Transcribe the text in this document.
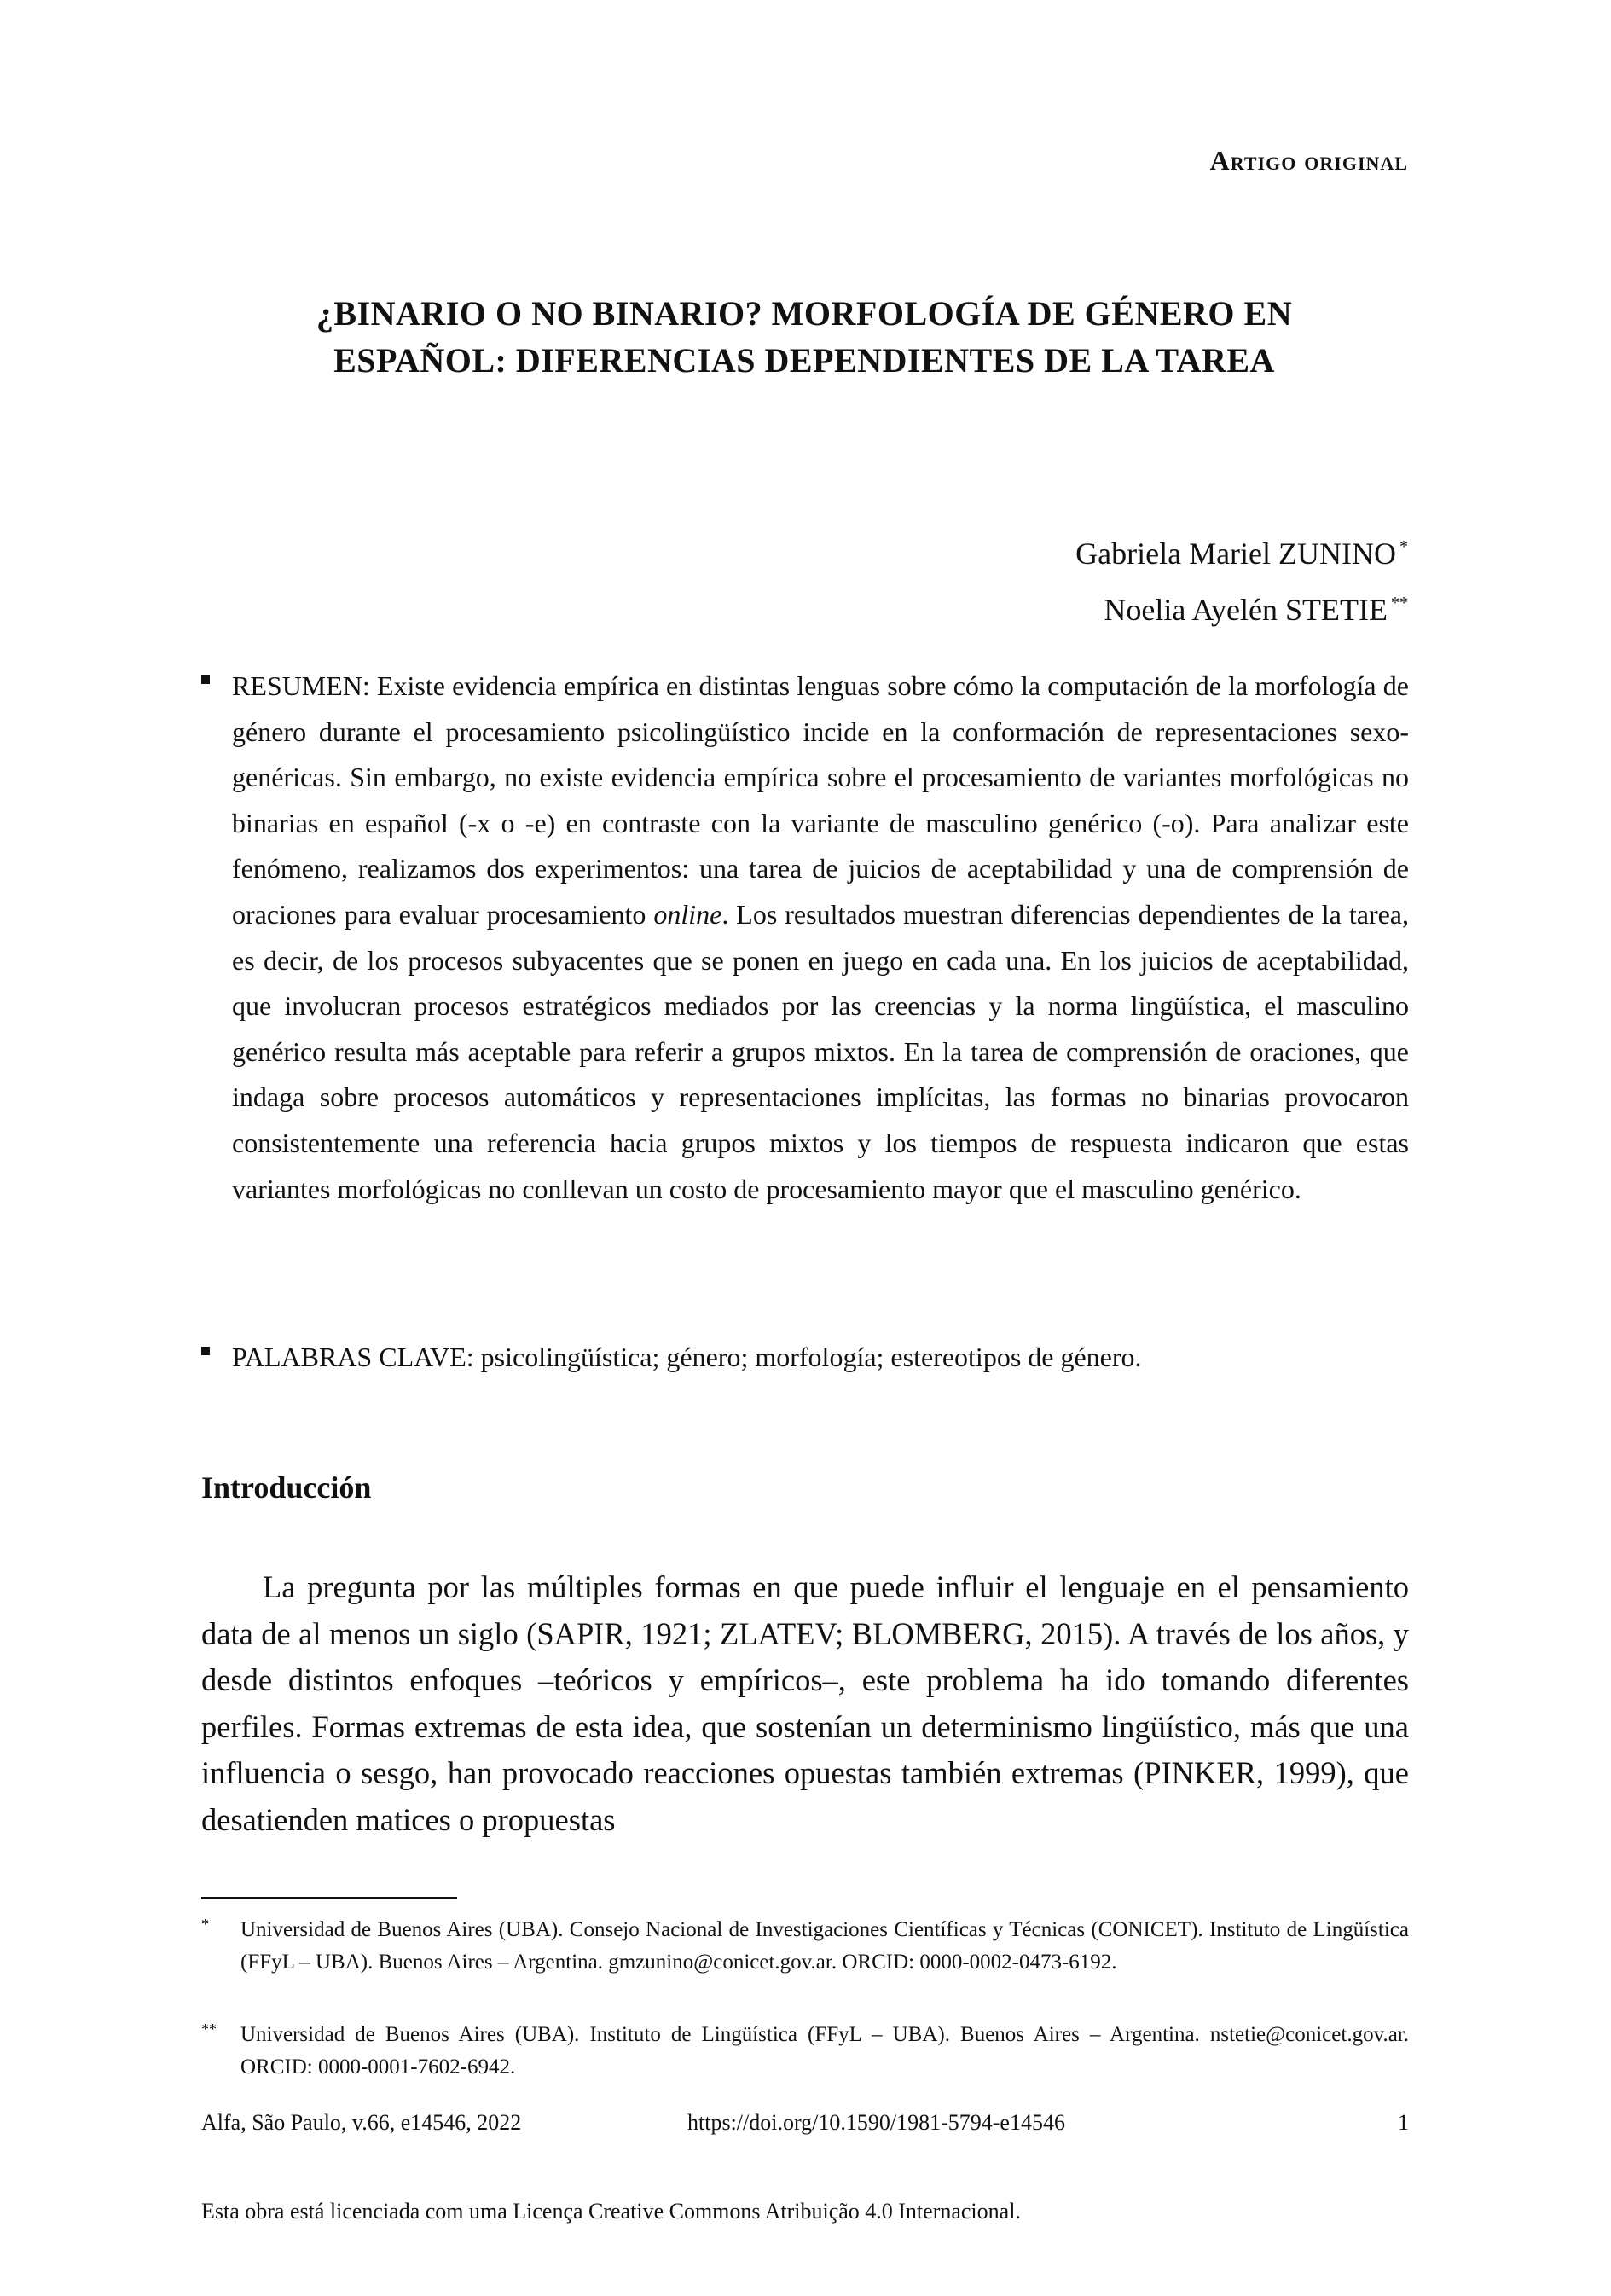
Artigo original
¿BINARIO O NO BINARIO? MORFOLOGÍA DE GÉNERO EN
ESPAÑOL: DIFERENCIAS DEPENDIENTES DE LA TAREA
Gabriela Mariel ZUNINO *
Noelia Ayelén STETIE **

RESUMEN: Existe evidencia empírica en distintas lenguas sobre cómo la computación de la morfología de género durante el procesamiento psicolingüístico incide en la conformación de representaciones sexo-genéricas. Sin embargo, no existe evidencia empírica sobre el procesamiento de variantes morfológicas no binarias en español (-x o -e) en contraste con la variante de masculino genérico (-o). Para analizar este fenómeno, realizamos dos experimentos: una tarea de juicios de aceptabilidad y una de comprensión de oraciones para evaluar procesamiento online. Los resultados muestran diferencias dependientes de la tarea, es decir, de los procesos subyacentes que se ponen en juego en cada una. En los juicios de aceptabilidad, que involucran procesos estratégicos mediados por las creencias y la norma lingüística, el masculino genérico resulta más aceptable para referir a grupos mixtos. En la tarea de comprensión de oraciones, que indaga sobre procesos automáticos y representaciones implícitas, las formas no binarias provocaron consistentemente una referencia hacia grupos mixtos y los tiempos de respuesta indicaron que estas variantes morfológicas no conllevan un costo de procesamiento mayor que el masculino genérico.

PALABRAS CLAVE: psicolingüística; género; morfología; estereotipos de género.

Introducción

La pregunta por las múltiples formas en que puede influir el lenguaje en el pensamiento data de al menos un siglo (SAPIR, 1921; ZLATEV; BLOMBERG, 2015). A través de los años, y desde distintos enfoques –teóricos y empíricos–, este problema ha ido tomando diferentes perfiles. Formas extremas de esta idea, que sostenían un determinismo lingüístico, más que una influencia o sesgo, han provocado reacciones opuestas también extremas (PINKER, 1999), que desatienden matices o propuestas

* Universidad de Buenos Aires (UBA). Consejo Nacional de Investigaciones Científicas y Técnicas (CONICET). Instituto de Lingüística (FFyL – UBA). Buenos Aires – Argentina. gmzunino@conicet.gov.ar. ORCID: 0000-0002-0473-6192.

** Universidad de Buenos Aires (UBA). Instituto de Lingüística (FFyL – UBA). Buenos Aires – Argentina. nstetie@conicet.gov.ar. ORCID: 0000-0001-7602-6942.

Alfa, São Paulo, v.66, e14546, 2022	https://doi.org/10.1590/1981-5794-e14546	1
Esta obra está licenciada com uma Licença Creative Commons Atribuição 4.0 Internacional.
